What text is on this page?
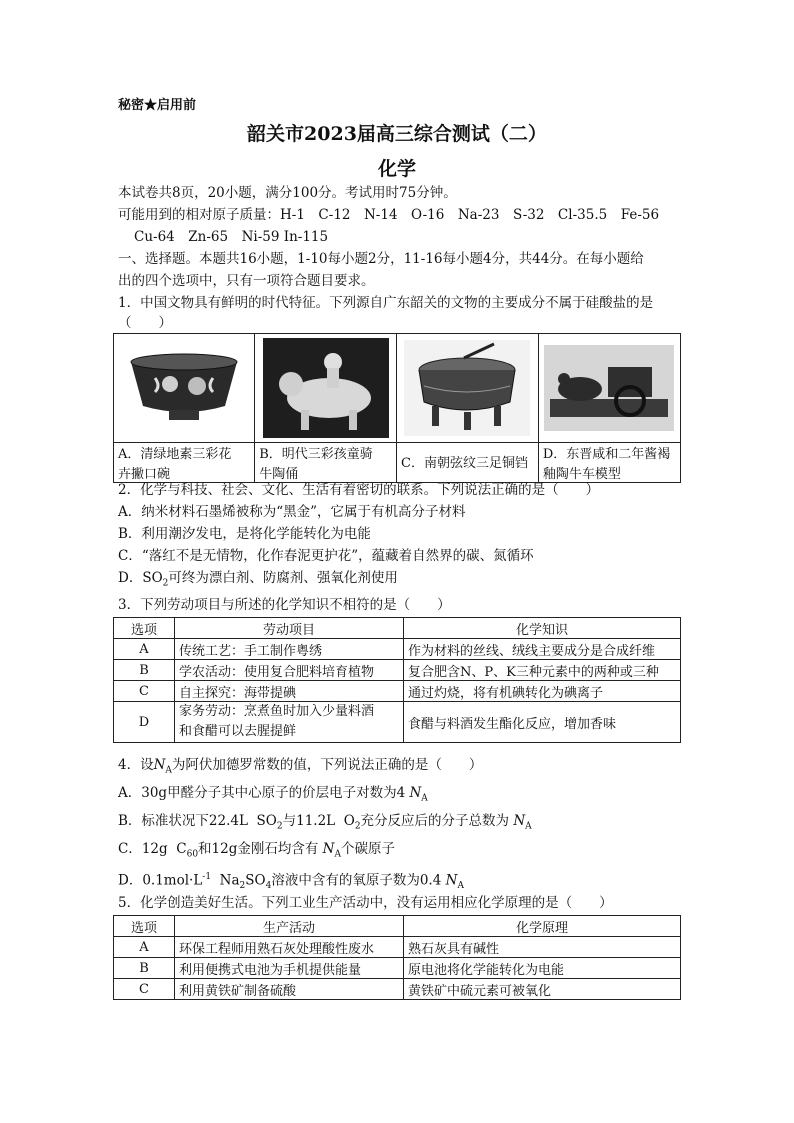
秘密★启用前
韶关市2023届高三综合测试（二）
化学
本试卷共8页，20小题，满分100分。考试用时75分钟。
可能用到的相对原子质量：H-1　C-12　N-14　O-16　Na-23　S-32　Cl-35.5　Fe-56
Cu-64　Zn-65　Ni-59 In-115
一、选择题。本题共16小题，1-10每小题2分，11-16每小题4分，共44分。在每小题给
出的四个选项中，只有一项符合题目要求。
1．中国文物具有鲜明的时代特征。下列源自广东韶关的文物的主要成分不属于硅酸盐的是
（　　）
A．清绿地素三彩花
卉撇口碗

B．明代三彩孩童骑
牛陶俑

C．南朝弦纹三足铜铛

D．东晋咸和二年酱褐
釉陶牛车模型
2．化学与科技、社会、文化、生活有着密切的联系。下列说法正确的是（　　）
A．纳米材料石墨烯被称为“黑金”，它属于有机高分子材料
B．利用潮汐发电，是将化学能转化为电能
C．“落红不是无情物，化作春泥更护花”，蕴藏着自然界的碳、氮循环
D．$SO_2$可终为漂白剂、防腐剂、强氧化剂使用
3．下列劳动项目与所述的化学知识不相符的是（　　）
选项	劳动项目	化学知识
A	传统工艺：手工制作粤绣	作为材料的丝线、绒线主要成分是合成纤维
B	学农活动：使用复合肥料培育植物	复合肥含N、P、K三种元素中的两种或三种
C	自主探究：海带提碘	通过灼烧，将有机碘转化为碘离子
D	家务劳动：烹煮鱼时加入少量料酒
和食醋可以去腥提鲜	食醋与料酒发生酯化反应，增加香味
4．设$N_A$为阿伏加德罗常数的值，下列说法正确的是（　　）
A．30g甲醛分子其中心原子的价层电子对数为4 $N_A$
B．标准状况下22.4L $SO_2$与11.2L $O_2$充分反应后的分子总数为 $N_A$
C．12g $C_{60}$和12g金刚石均含有 $N_A$个碳原子
D．$0.1mol\cdot L^{-1}$ $Na_2SO_4$溶液中含有的氧原子数为0.4 $N_A$
5．化学创造美好生活。下列工业生产活动中，没有运用相应化学原理的是（　　）
选项	生产活动	化学原理
A	环保工程师用熟石灰处理酸性废水	熟石灰具有碱性
B	利用便携式电池为手机提供能量	原电池将化学能转化为电能
C	利用黄铁矿制备硫酸	黄铁矿中硫元素可被氧化
